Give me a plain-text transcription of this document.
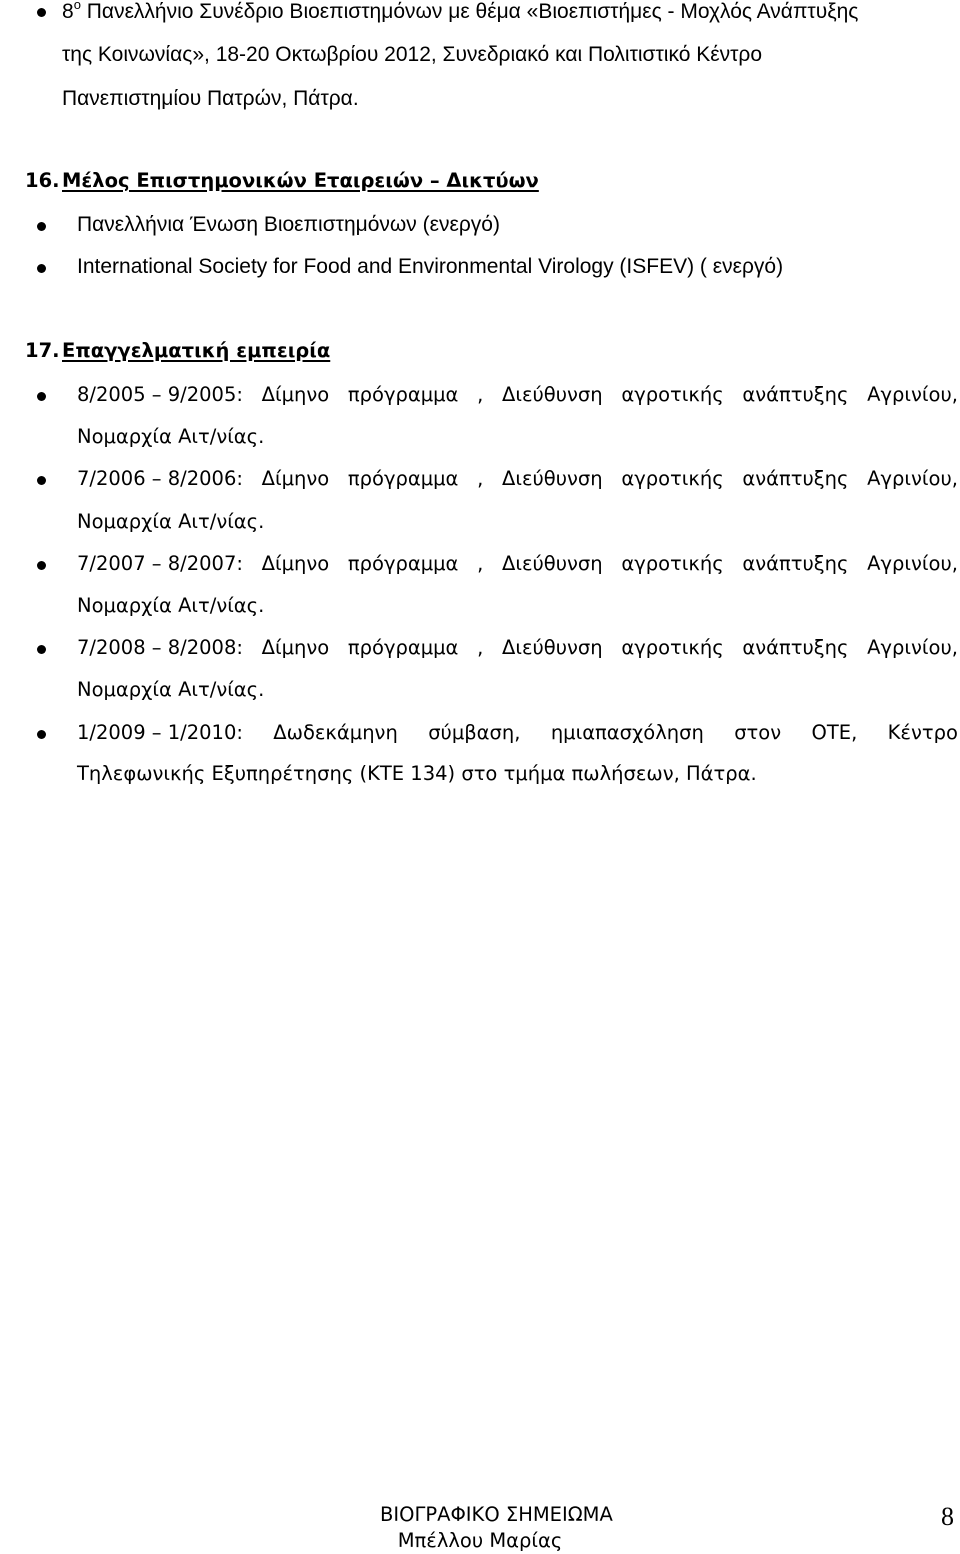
$8^o$ Πανελλήνιο Συνέδριο Βιοεπιστημόνων με θέμα «Βιοεπιστήμες - Μοχλός Ανάπτυξης
της Κοινωνίας», 18-20 Οκτωβρίου 2012, Συνεδριακό και Πολιτιστικό Κέντρο
Πανεπιστημίου Πατρών, Πάτρα.
16. Μέλος Επιστημονικών Εταιρειών – Δικτύων
Πανελλήνια Ένωση Βιοεπιστημόνων (ενεργό)
International Society for Food and Environmental Virology (ISFEV) ( ενεργό)
17. Επαγγελματική εμπειρία
8/2005 – 9/2005: Δίμηνο πρόγραμμα , Διεύθυνση αγροτικής ανάπτυξης Αγρινίου,
Νομαρχία Αιτ/νίας.
7/2006 – 8/2006: Δίμηνο πρόγραμμα , Διεύθυνση αγροτικής ανάπτυξης Αγρινίου,
Νομαρχία Αιτ/νίας.
7/2007 – 8/2007: Δίμηνο πρόγραμμα , Διεύθυνση αγροτικής ανάπτυξης Αγρινίου,
Νομαρχία Αιτ/νίας.
7/2008 – 8/2008: Δίμηνο πρόγραμμα , Διεύθυνση αγροτικής ανάπτυξης Αγρινίου,
Νομαρχία Αιτ/νίας.
1/2009 – 1/2010: Δωδεκάμηνη σύμβαση, ημιαπασχόληση στον ΟΤΕ, Κέντρο
Τηλεφωνικής Εξυπηρέτησης (ΚΤΕ 134) στο τμήμα πωλήσεων, Πάτρα.
ΒΙΟΓΡΑΦΙΚΟ ΣΗΜΕΙΩΜΑ
Μπέλλου Μαρίας
8
